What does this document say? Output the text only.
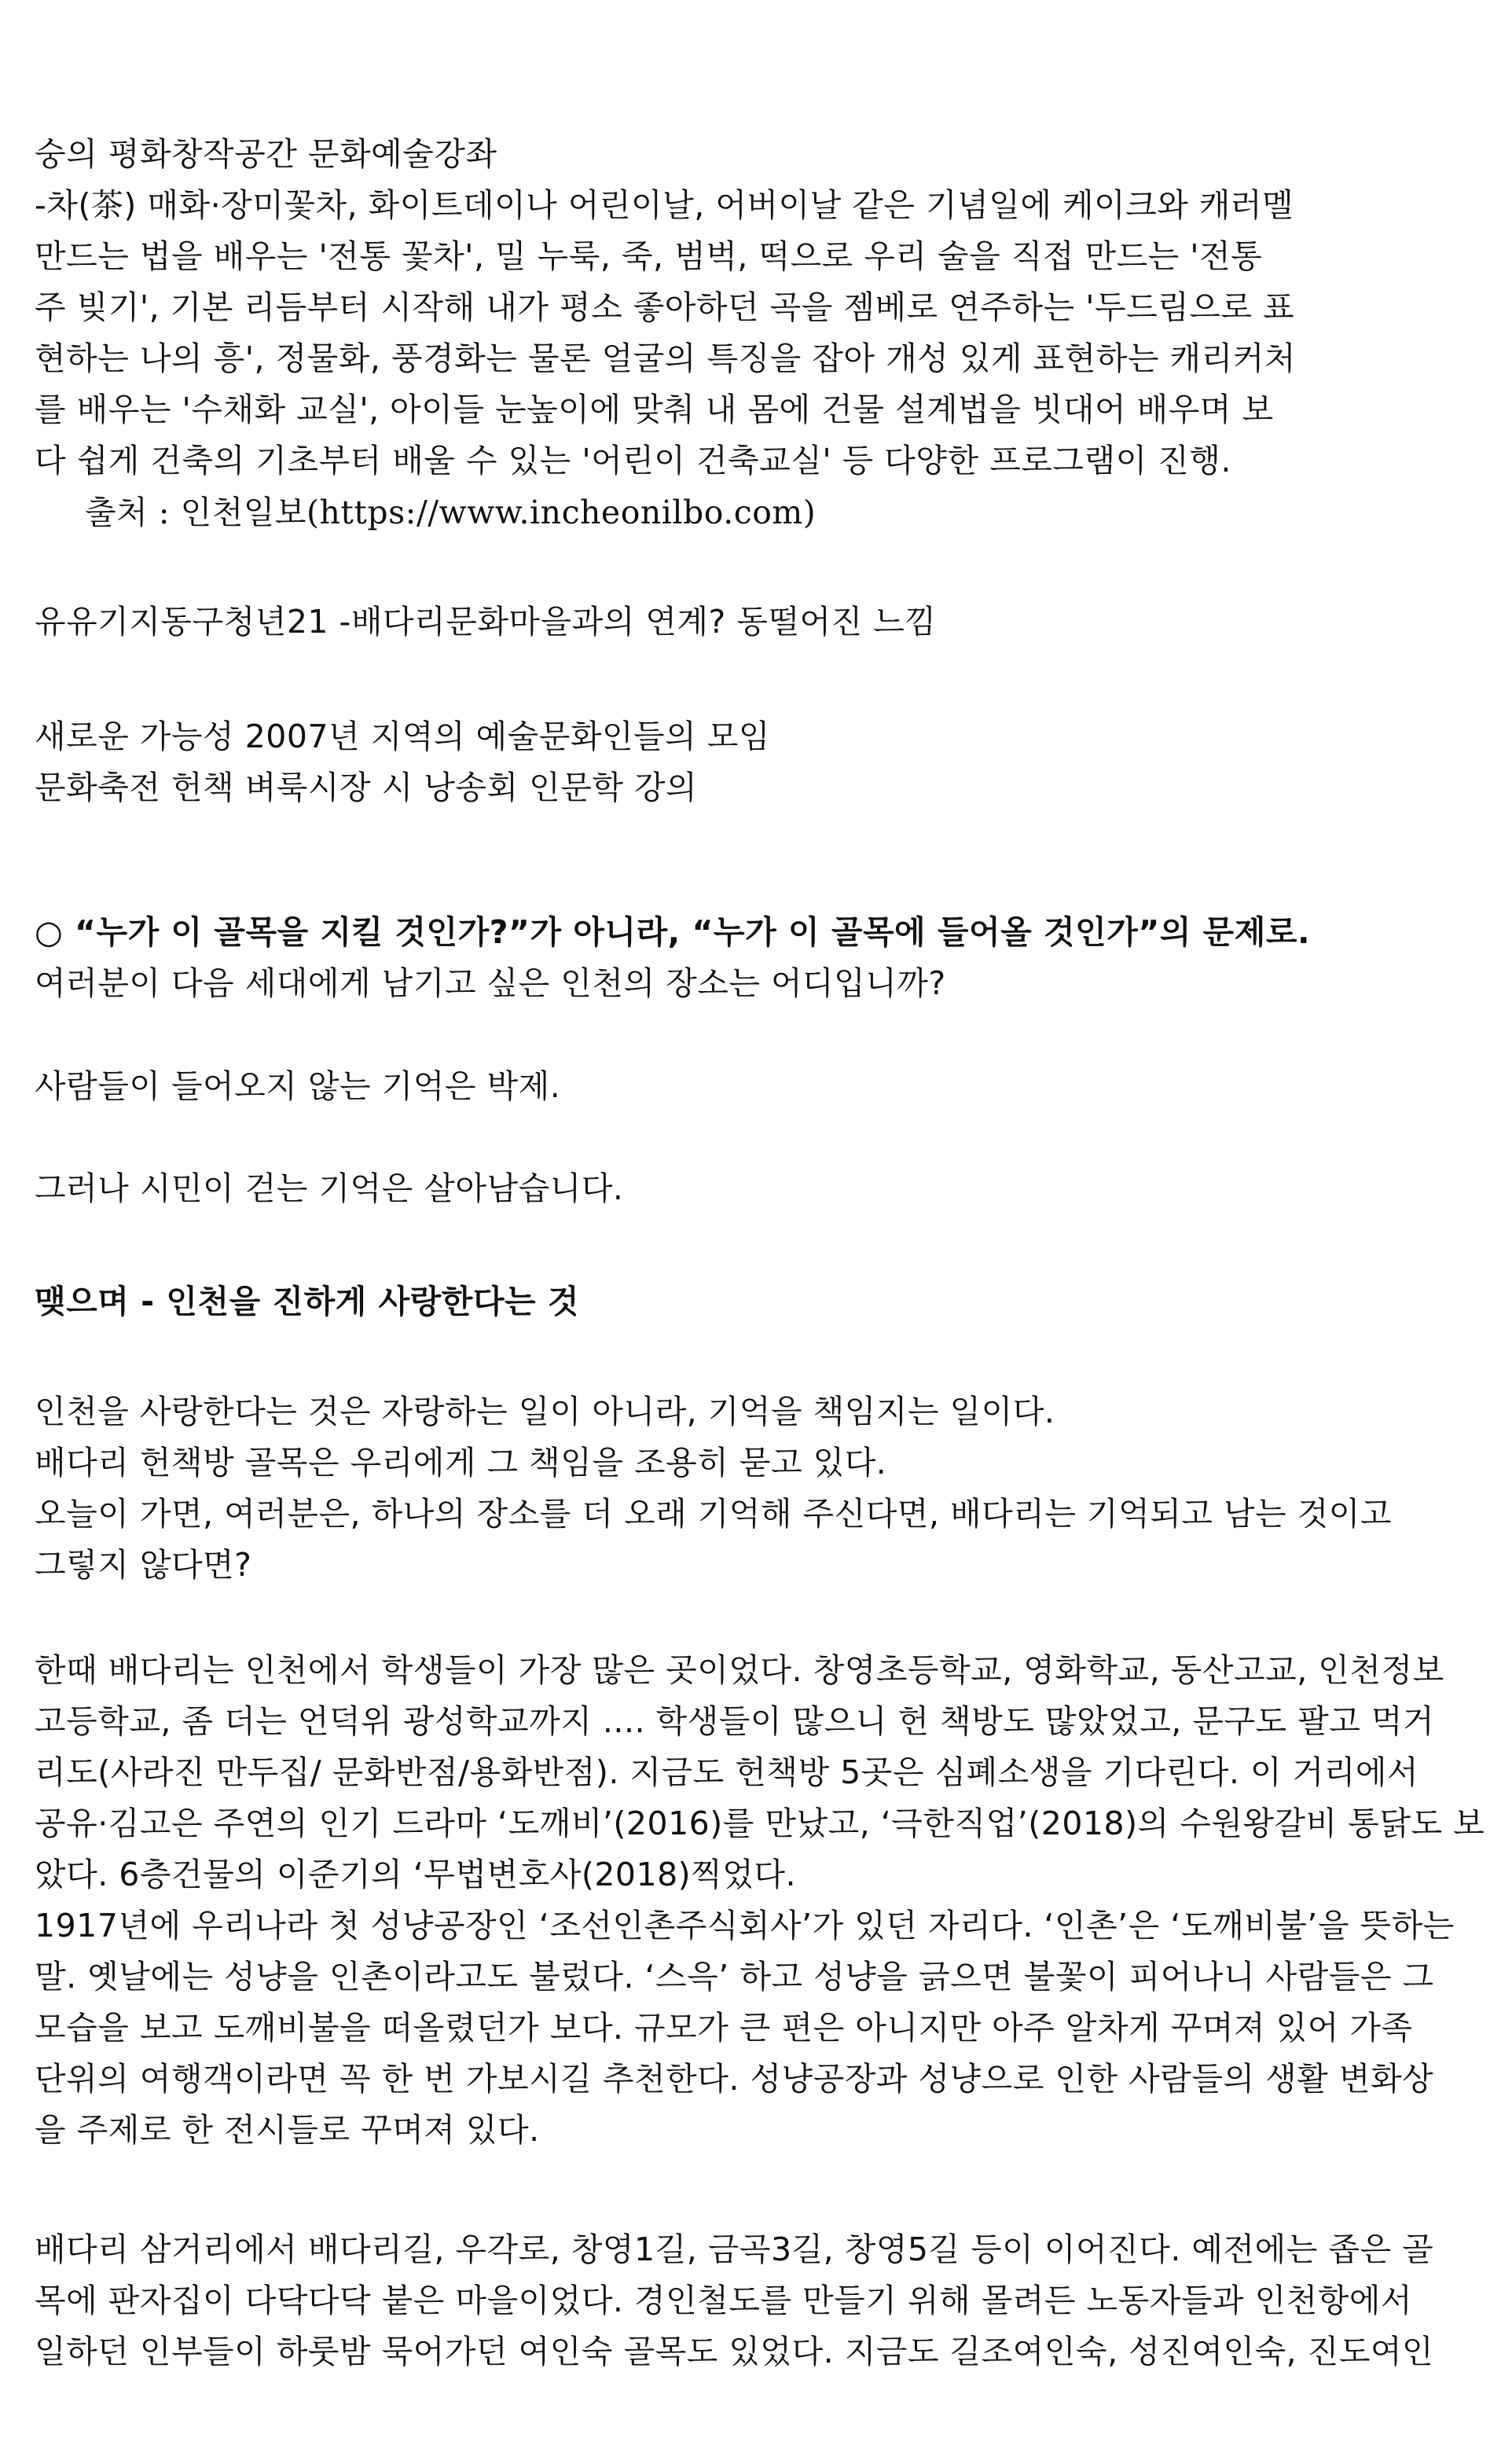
숭의 평화창작공간 문화예술강좌
-차(茶) 매화·장미꽃차, 화이트데이나 어린이날, 어버이날 같은 기념일에 케이크와 캐러멜
만드는 법을 배우는 '전통 꽃차', 밀 누룩, 죽, 범벅, 떡으로 우리 술을 직접 만드는 '전통
주 빚기', 기본 리듬부터 시작해 내가 평소 좋아하던 곡을 젬베로 연주하는 '두드림으로 표
현하는 나의 흥', 정물화, 풍경화는 물론 얼굴의 특징을 잡아 개성 있게 표현하는 캐리커처
를 배우는 '수채화 교실', 아이들 눈높이에 맞춰 내 몸에 건물 설계법을 빗대어 배우며 보
다 쉽게 건축의 기초부터 배울 수 있는 '어린이 건축교실' 등 다양한 프로그램이 진행.
출처 : 인천일보(https://www.incheonilbo.com)
유유기지동구청년21 -배다리문화마을과의 연계? 동떨어진 느낌
새로운 가능성 2007년 지역의 예술문화인들의 모임
문화축전 헌책 벼룩시장 시 낭송회 인문학 강의
○ “누가 이 골목을 지킬 것인가?”가 아니라, “누가 이 골목에 들어올 것인가”의 문제로.
여러분이 다음 세대에게 남기고 싶은 인천의 장소는 어디입니까?
사람들이 들어오지 않는 기억은 박제.
그러나 시민이 걷는 기억은 살아남습니다.
맺으며 - 인천을 진하게 사랑한다는 것
인천을 사랑한다는 것은 자랑하는 일이 아니라, 기억을 책임지는 일이다.
배다리 헌책방 골목은 우리에게 그 책임을 조용히 묻고 있다.
오늘이 가면, 여러분은, 하나의 장소를 더 오래 기억해 주신다면, 배다리는 기억되고 남는 것이고
그렇지 않다면?
한때 배다리는 인천에서 학생들이 가장 많은 곳이었다. 창영초등학교, 영화학교, 동산고교, 인천정보
고등학교, 좀 더는 언덕위 광성학교까지 .... 학생들이 많으니 헌 책방도 많았었고, 문구도 팔고 먹거
리도(사라진 만두집/ 문화반점/용화반점). 지금도 헌책방 5곳은 심폐소생을 기다린다. 이 거리에서
공유·김고은 주연의 인기 드라마 ‘도깨비’(2016)를 만났고, ‘극한직업’(2018)의 수원왕갈비 통닭도 보
았다. 6층건물의 이준기의 ‘무법변호사(2018)찍었다.
1917년에 우리나라 첫 성냥공장인 ‘조선인촌주식회사’가 있던 자리다. ‘인촌’은 ‘도깨비불’을 뜻하는
말. 옛날에는 성냥을 인촌이라고도 불렀다. ‘스윽’ 하고 성냥을 긁으면 불꽃이 피어나니 사람들은 그
모습을 보고 도깨비불을 떠올렸던가 보다. 규모가 큰 편은 아니지만 아주 알차게 꾸며져 있어 가족
단위의 여행객이라면 꼭 한 번 가보시길 추천한다. 성냥공장과 성냥으로 인한 사람들의 생활 변화상
을 주제로 한 전시들로 꾸며져 있다.
배다리 삼거리에서 배다리길, 우각로, 창영1길, 금곡3길, 창영5길 등이 이어진다. 예전에는 좁은 골
목에 판자집이 다닥다닥 붙은 마을이었다. 경인철도를 만들기 위해 몰려든 노동자들과 인천항에서
일하던 인부들이 하룻밤 묵어가던 여인숙 골목도 있었다. 지금도 길조여인숙, 성진여인숙, 진도여인
